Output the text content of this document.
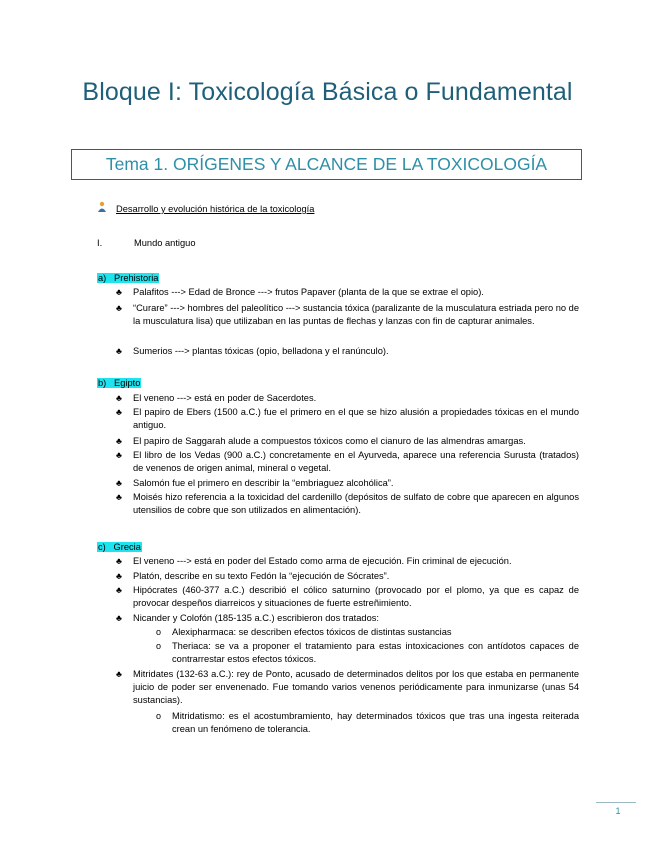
Bloque I: Toxicología Básica o Fundamental
Tema 1. ORÍGENES Y ALCANCE DE LA TOXICOLOGÍA
Desarrollo y evolución histórica de la toxicología
I.	Mundo antiguo
a) Prehistoria
♣ Palafitos ---> Edad de Bronce ---> frutos Papaver (planta de la que se extrae el opio).
♣ “Curare” ---> hombres del paleolítico ---> sustancia tóxica (paralizante de la musculatura estriada pero no de la musculatura lisa) que utilizaban en las puntas de flechas y lanzas con fin de capturar animales.
♣ Sumerios ---> plantas tóxicas (opio, belladona y el ranúnculo).
b) Egipto
♣ El veneno ---> está en poder de Sacerdotes.
♣ El papiro de Ebers (1500 a.C.) fue el primero en el que se hizo alusión a propiedades tóxicas en el mundo antiguo.
♣ El papiro de Saggarah alude a compuestos tóxicos como el cianuro de las almendras amargas.
♣ El libro de los Vedas (900 a.C.) concretamente en el Ayurveda, aparece una referencia Surusta (tratados) de venenos de origen animal, mineral o vegetal.
♣ Salomón fue el primero en describir la “embriaguez alcohólica”.
♣ Moisés hizo referencia a la toxicidad del cardenillo (depósitos de sulfato de cobre que aparecen en algunos utensilios de cobre que son utilizados en alimentación).
c) Grecia
♣ El veneno ---> está en poder del Estado como arma de ejecución. Fin criminal de ejecución.
♣ Platón, describe en su texto Fedón la “ejecución de Sócrates”.
♣ Hipócrates (460-377 a.C.) describió el cólico saturnino (provocado por el plomo, ya que es capaz de provocar despeños diarreicos y situaciones de fuerte estreñimiento.
♣ Nicander y Colofón (185-135 a.C.) escribieron dos tratados:
o Alexipharmaca: se describen efectos tóxicos de distintas sustancias
o Theriaca: se va a proponer el tratamiento para estas intoxicaciones con antídotos capaces de contrarrestar estos efectos tóxicos.
♣ Mitridates (132-63 a.C.): rey de Ponto, acusado de determinados delitos por los que estaba en permanente juicio de poder ser envenenado. Fue tomando varios venenos periódicamente para inmunizarse (unas 54 sustancias).
o Mitridatismo: es el acostumbramiento, hay determinados tóxicos que tras una ingesta reiterada crean un fenómeno de tolerancia.
1
